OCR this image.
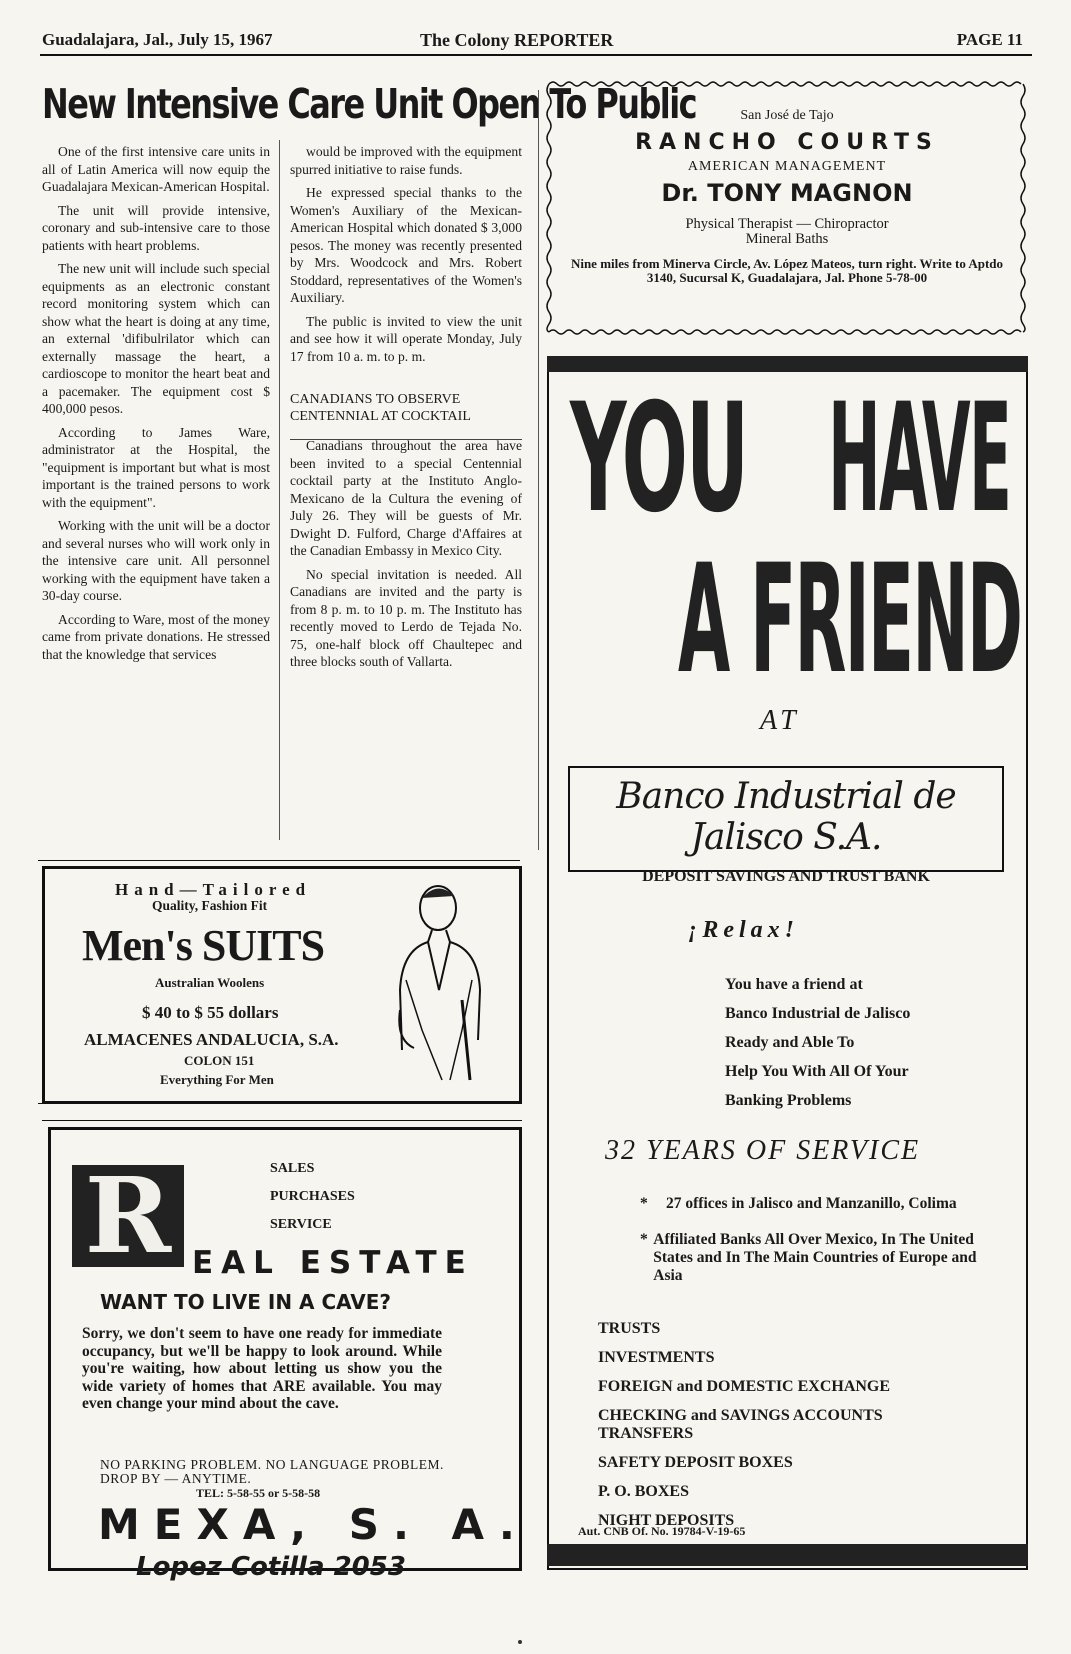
Guadalajara, Jal., July 15, 1967	The Colony REPORTER	PAGE 11
New Intensive Care Unit Open To Public

One of the first intensive care units in all of Latin America will now equip the Guadalajara Mexican-American Hospital.

The unit will provide intensive, coronary and sub-intensive care to those patients with heart problems.

The new unit will include such special equipments as an electronic constant record monitoring system which can show what the heart is doing at any time, an external 'difibulrilator which can externally massage the heart, a cardioscope to monitor the heart beat and a pacemaker. The equipment cost $ 400,000 pesos.

According to James Ware, administrator at the Hospital, the "equipment is important but what is most important is the trained persons to work with the equipment".

Working with the unit will be a doctor and several nurses who will work only in the intensive care unit. All personnel working with the equipment have taken a 30-day course.

According to Ware, most of the money came from private donations. He stressed that the knowledge that services

would be improved with the equipment spurred initiative to raise funds.

He expressed special thanks to the Women's Auxiliary of the Mexican-American Hospital which donated $ 3,000 pesos. The money was recently presented by Mrs. Woodcock and Mrs. Robert Stoddard, representatives of the Women's Auxiliary.

The public is invited to view the unit and see how it will operate Monday, July 17 from 10 a. m. to p. m.

CANADIANS TO OBSERVE CENTENNIAL AT COCKTAIL

Canadians throughout the area have been invited to a special Centennial cocktail party at the Instituto Anglo-Mexicano de la Cultura the evening of July 26. They will be guests of Mr. Dwight D. Fulford, Charge d'Affaires at the Canadian Embassy in Mexico City.

No special invitation is needed. All Canadians are invited and the party is from 8 p. m. to 10 p. m. The Instituto has recently moved to Lerdo de Tejada No. 75, one-half block off Chaultepec and three blocks south of Vallarta.

San José de Tajo
RANCHO COURTS
AMERICAN MANAGEMENT
Dr. TONY MAGNON
Physical Therapist — Chiropractor
Mineral Baths
Nine miles from Minerva Circle, Av. López Mateos, turn right. Write to Aptdo 3140, Sucursal K, Guadalajara, Jal. Phone 5-78-00
YOU HAVE
A FRIEND
AT
Banco Industrial de Jalisco S.A.
DEPOSIT SAVINGS AND TRUST BANK
¡Relax!
You have a friend at
Banco Industrial de Jalisco
Ready and Able To
Help You With All Of Your
Banking Problems
32 YEARS OF SERVICE
*	27 offices in Jalisco and Manzanillo, Colima
* Affiliated Banks All Over Mexico, In The United States and In The Main Countries of Europe and Asia
TRUSTS
INVESTMENTS
FOREIGN and DOMESTIC EXCHANGE
CHECKING and SAVINGS ACCOUNTS TRANSFERS
SAFETY DEPOSIT BOXES
P. O. BOXES
NIGHT DEPOSITS
Aut. CNB Of. No. 19784-V-19-65
Hand—Tailored
Quality, Fashion Fit
Men's SUITS
Australian Woolens
$ 40 to $ 55 dollars
ALMACENES ANDALUCIA, S.A.
COLON 151
Everything For Men
R	SALES
PURCHASES
SERVICE
EAL ESTATE
WANT TO LIVE IN A CAVE?
Sorry, we don't seem to have one ready for immediate occupancy, but we'll be happy to look around. While you're waiting, how about letting us show you the wide variety of homes that ARE available. You may even change your mind about the cave.
NO PARKING PROBLEM. NO LANGUAGE PROBLEM. DROP BY — ANYTIME.
TEL: 5-58-55 or 5-58-58
MEXA, S. A.
Lopez Cotilla 2053
